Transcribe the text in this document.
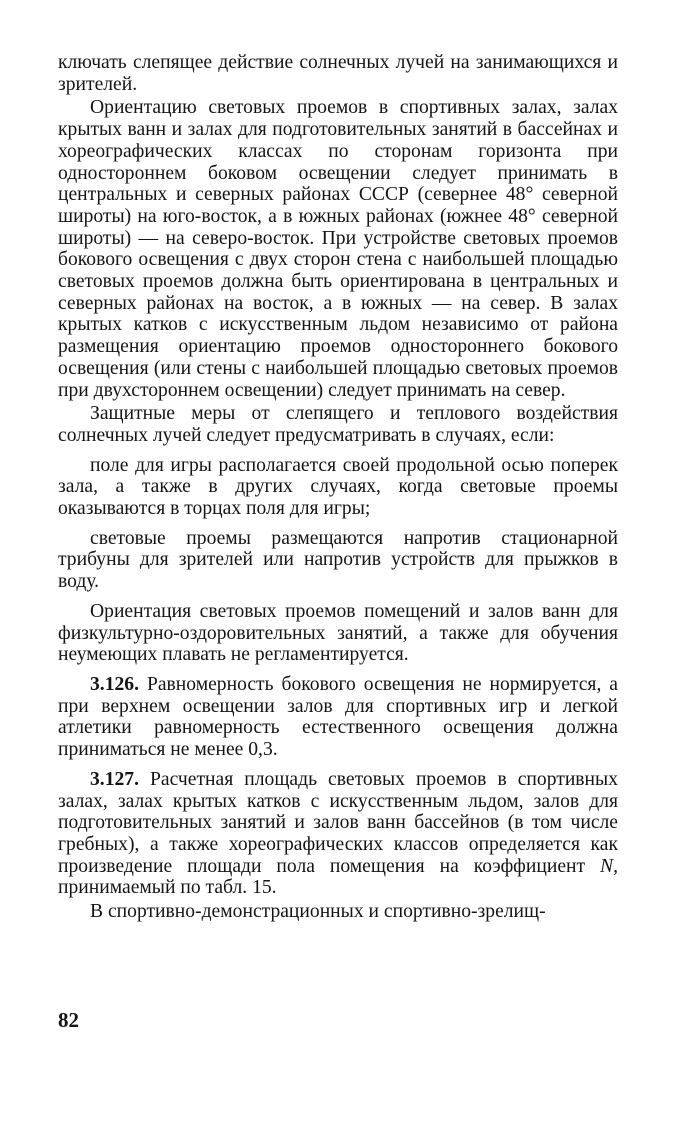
ключать слепящее действие солнечных лучей на занимающихся и зрителей.

Ориентацию световых проемов в спортивных залах, залах крытых ванн и залах для подготовительных занятий в бассейнах и хореографических классах по сторонам горизонта при одностороннем боковом освещении следует принимать в центральных и северных районах СССР (севернее 48° северной широты) на юго-восток, а в южных районах (южнее 48° северной широты) — на северо-восток. При устройстве световых проемов бокового освещения с двух сторон стена с наибольшей площадью световых проемов должна быть ориентирована в центральных и северных районах на восток, а в южных — на север. В залах крытых катков с искусственным льдом независимо от района размещения ориентацию проемов одностороннего бокового освещения (или стены с наибольшей площадью световых проемов при двухстороннем освещении) следует принимать на север.

Защитные меры от слепящего и теплового воздействия солнечных лучей следует предусматривать в случаях, если:

поле для игры располагается своей продольной осью поперек зала, а также в других случаях, когда световые проемы оказываются в торцах поля для игры;

световые проемы размещаются напротив стационарной трибуны для зрителей или напротив устройств для прыжков в воду.

Ориентация световых проемов помещений и залов ванн для физкультурно-оздоровительных занятий, а также для обучения неумеющих плавать не регламентируется.

3.126. Равномерность бокового освещения не нормируется, а при верхнем освещении залов для спортивных игр и легкой атлетики равномерность естественного освещения должна приниматься не менее 0,3.

3.127. Расчетная площадь световых проемов в спортивных залах, залах крытых катков с искусственным льдом, залов для подготовительных занятий и залов ванн бассейнов (в том числе гребных), а также хореографических классов определяется как произведение площади пола помещения на коэффициент N, принимаемый по табл. 15.

В спортивно-демонстрационных и спортивно-зрелищ-

82
